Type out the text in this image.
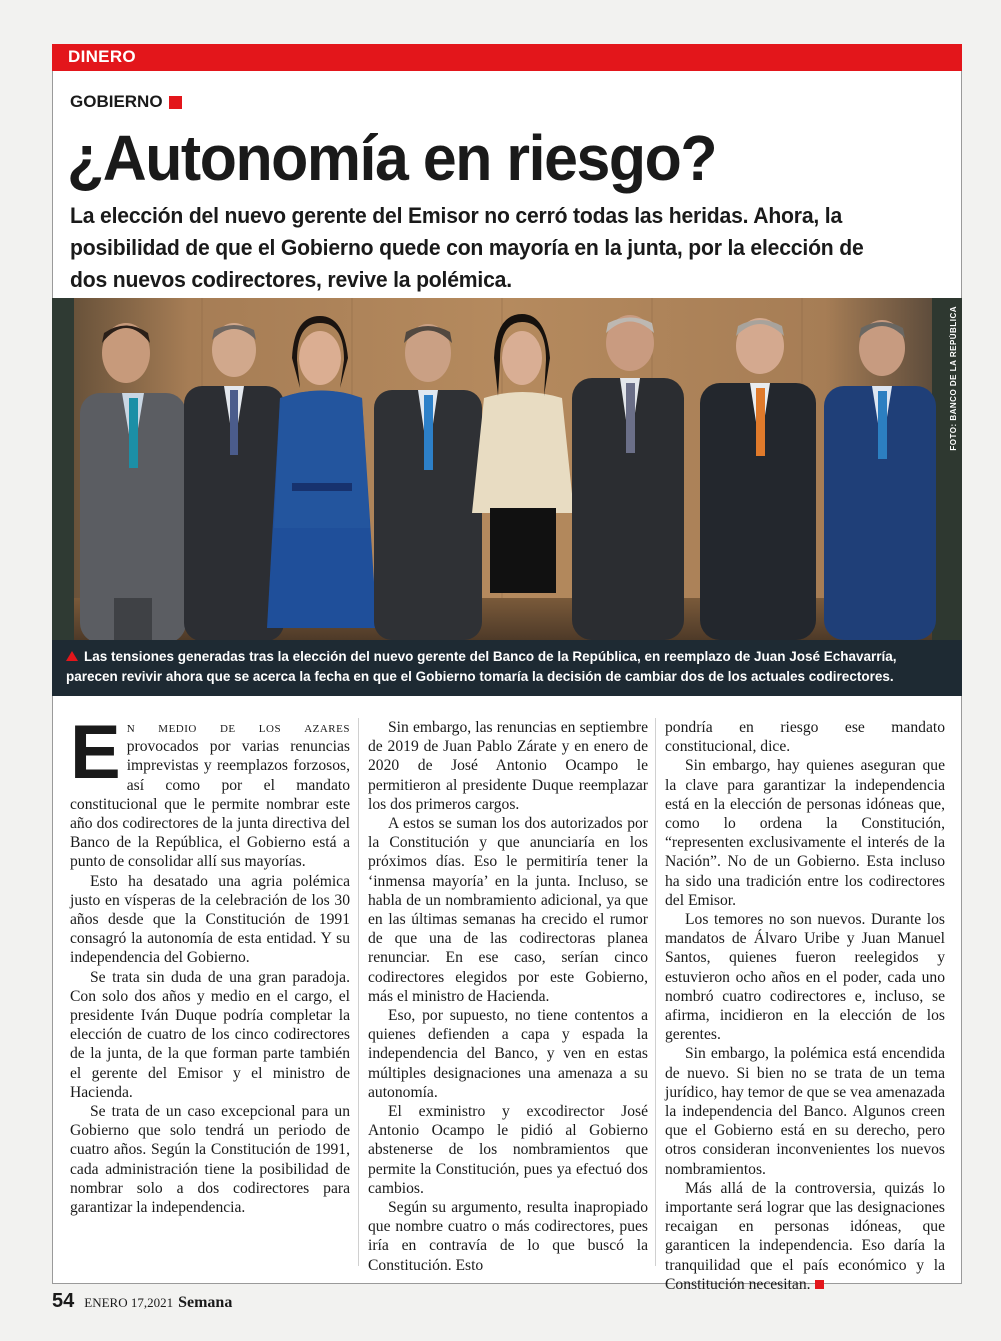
DINERO
GOBIERNO
¿Autonomía en riesgo?
La elección del nuevo gerente del Emisor no cerró todas las heridas. Ahora, la posibilidad de que el Gobierno quede con mayoría en la junta, por la elección de dos nuevos codirectores, revive la polémica.
FOTO: BANCO DE LA REPÚBLICA
Las tensiones generadas tras la elección del nuevo gerente del Banco de la República, en reemplazo de Juan José Echavarría, parecen revivir ahora que se acerca la fecha en que el Gobierno tomaría la decisión de cambiar dos de los actuales codirectores.

En medio de los azares provocados por varias renuncias imprevistas y reemplazos forzosos, así como por el mandato constitucional que le permite nombrar este año dos codirectores de la junta directiva del Banco de la República, el Gobierno está a punto de consolidar allí sus mayorías.

Esto ha desatado una agria polémica justo en vísperas de la celebración de los 30 años desde que la Constitución de 1991 consagró la autonomía de esta entidad. Y su independencia del Gobierno.

Se trata sin duda de una gran paradoja. Con solo dos años y medio en el cargo, el presidente Iván Duque podría completar la elección de cuatro de los cinco codirectores de la junta, de la que forman parte también el gerente del Emisor y el ministro de Hacienda.

Se trata de un caso excepcional para un Gobierno que solo tendrá un periodo de cuatro años. Según la Constitución de 1991, cada administración tiene la posibilidad de nombrar solo a dos codirectores para garantizar la independencia.

Sin embargo, las renuncias en septiembre de 2019 de Juan Pablo Zárate y en enero de 2020 de José Antonio Ocampo le permitieron al presidente Duque reemplazar los dos primeros cargos.

A estos se suman los dos autorizados por la Constitución y que anunciaría en los próximos días. Eso le permitiría tener la ‘inmensa mayoría’ en la junta. Incluso, se habla de un nombramiento adicional, ya que en las últimas semanas ha crecido el rumor de que una de las codirectoras planea renunciar. En ese caso, serían cinco codirectores elegidos por este Gobierno, más el ministro de Hacienda.

Eso, por supuesto, no tiene contentos a quienes defienden a capa y espada la independencia del Banco, y ven en estas múltiples designaciones una amenaza a su autonomía.

El exministro y excodirector José Antonio Ocampo le pidió al Gobierno abstenerse de los nombramientos que permite la Constitución, pues ya efectuó dos cambios.

Según su argumento, resulta inapropiado que nombre cuatro o más codirectores, pues iría en contravía de lo que buscó la Constitución. Esto

pondría en riesgo ese mandato constitucional, dice.

Sin embargo, hay quienes aseguran que la clave para garantizar la independencia está en la elección de personas idóneas que, como lo ordena la Constitución, “representen exclusivamente el interés de la Nación”. No de un Gobierno. Esta incluso ha sido una tradición entre los codirectores del Emisor.

Los temores no son nuevos. Durante los mandatos de Álvaro Uribe y Juan Manuel Santos, quienes fueron reelegidos y estuvieron ocho años en el poder, cada uno nombró cuatro codirectores e, incluso, se afirma, incidieron en la elección de los gerentes.

Sin embargo, la polémica está encendida de nuevo. Si bien no se trata de un tema jurídico, hay temor de que se vea amenazada la independencia del Banco. Algunos creen que el Gobierno está en su derecho, pero otros consideran inconvenientes los nuevos nombramientos.

Más allá de la controversia, quizás lo importante será lograr que las designaciones recaigan en personas idóneas, que garanticen la independencia. Eso daría la tranquilidad que el país económico y la Constitución necesitan.

54 ENERO 17,2021 Semana
